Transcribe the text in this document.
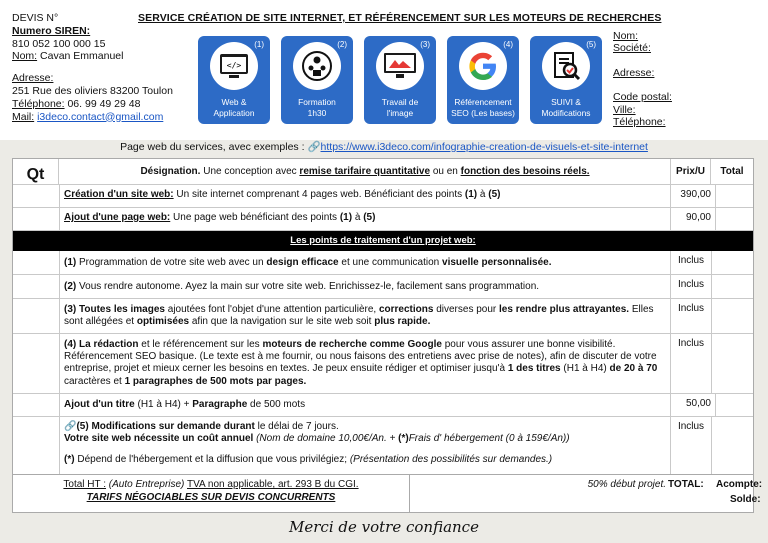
DEVIS N°
Numero SIREN:
810 052 100 000 15
Nom: Cavan Emmanuel
Adresse:
251 Rue des oliviers 83200 Toulon
Téléphone: 06. 99 49 29 48
Mail: i3deco.contact@gmail.com
SERVICE CRÉATION DE SITE INTERNET, ET RÉFÉRENCEMENT SUR LES MOTEURS DE RECHERCHES
(1)
</>
Web &
Application
(2)
Formation
1h30
(3)
Travail de
l'image
(4)
Référencement
SEO (Les bases)
(5)
SUIVI &
Modifications
Nom:
Société:
Adresse:
Code postal:
Ville:
Téléphone:
Page web du services, avec exemples : 🔗https://www.i3deco.com/infographie-creation-de-visuels-et-site-internet
Qt	Désignation. Une conception avec remise tarifaire quantitative ou en fonction des besoins réels.	Prix/U	Total
Création d'un site web: Un site internet comprenant 4 pages web. Bénéficiant des points (1) à (5)	390,00
Ajout d'une page web: Une page web bénéficiant des points (1) à (5)	90,00
Les points de traitement d'un projet web:
(1) Programmation de votre site web avec un design efficace et une communication visuelle personnalisée.	Inclus
(2) Vous rendre autonome. Ayez la main sur votre site web. Enrichissez-le, facilement sans programmation.	Inclus
(3) Toutes les images ajoutées font l'objet d'une attention particulière, corrections diverses pour les rendre plus attrayantes. Elles sont allégées et optimisées afin que la navigation sur le site web soit plus rapide.
Inclus
(4) La rédaction et le référencement sur les moteurs de recherche comme Google pour vous assurer une bonne visibilité. Référencement SEO basique. (Le texte est à me fournir, ou nous faisons des entretiens avec prise de notes), afin de discuter de votre entreprise, projet et mieux cerner les besoins en textes. Je peux ensuite rédiger et optimiser jusqu'à 1 des titres (H1 à H4) de 20 à 70 caractères et 1 paragraphes de 500 mots par pages.
Inclus
Ajout d'un titre (H1 à H4) + Paragraphe de 500 mots	50,00
🔗(5) Modifications sur demande durant le délai de 7 jours.
Votre site web nécessite un coût annuel (Nom de domaine 10,00€/An. + (*)Frais d' hébergement (0 à 159€/An))
(*) Dépend de l'hébergement et la diffusion que vous privilégiez; (Présentation des possibilités sur demandes.)
Inclus
Total HT : (Auto Entreprise) TVA non applicable, art. 293 B du CGI.
TARIFS NÉGOCIABLES SUR DEVIS CONCURRENTS
50% début projet. TOTAL: Acompte:
Solde:
Merci de votre confiance
